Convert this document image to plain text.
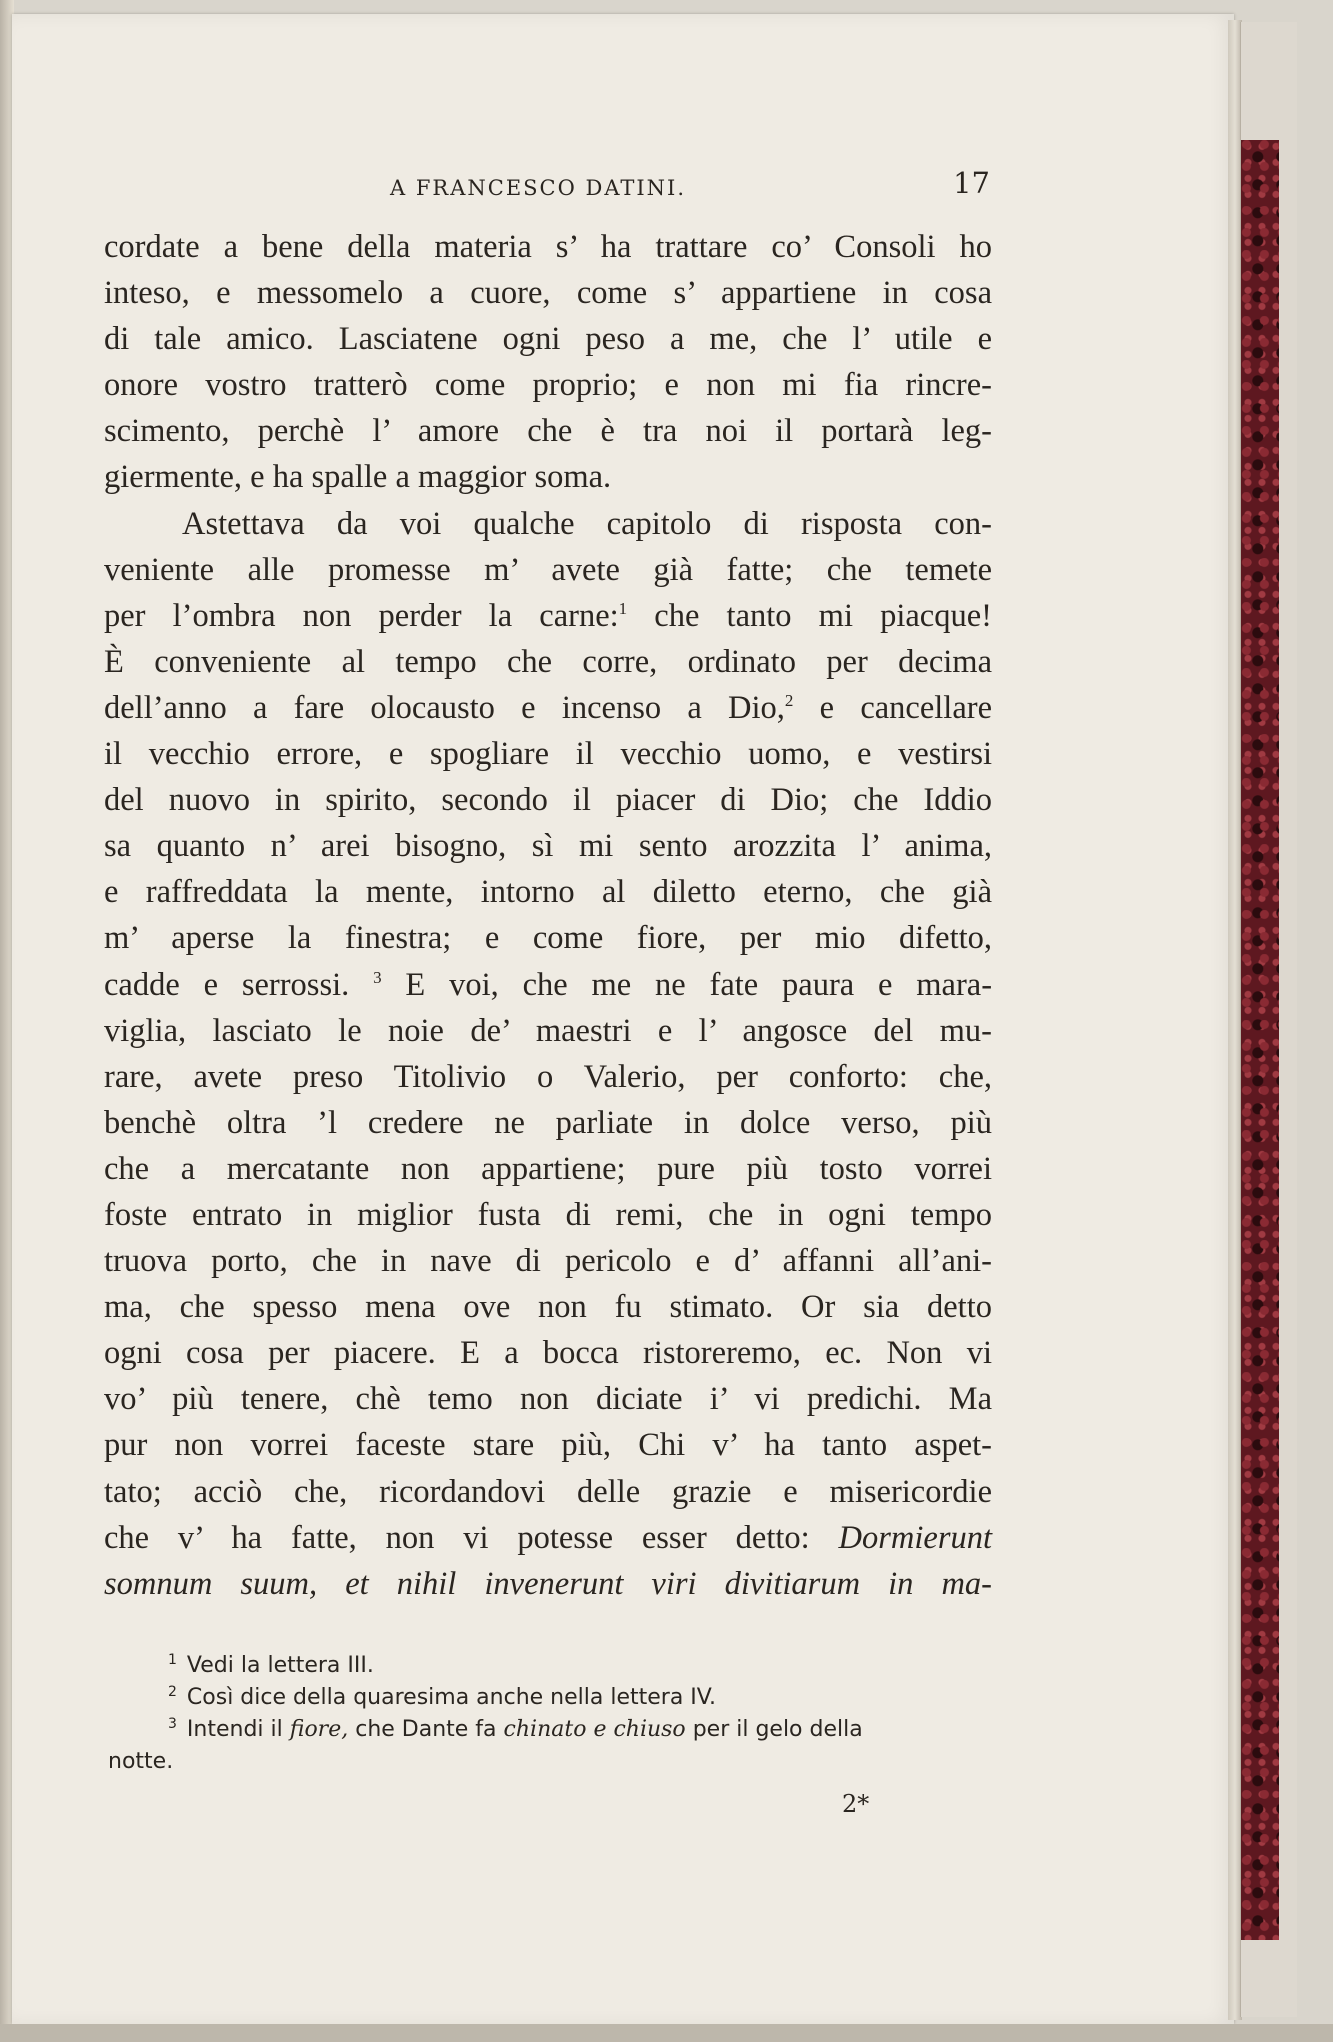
A FRANCESCO DATINI.	17
cordate a bene della materia s’ ha trattare co’ Consoli ho
inteso, e messomelo a cuore, come s’ appartiene in cosa
di tale amico. Lasciatene ogni peso a me, che l’ utile e
onore vostro tratterò come proprio; e non mi fia rincre-
scimento, perchè l’ amore che è tra noi il portarà leg-
giermente, e ha spalle a maggior soma.
Astettava da voi qualche capitolo di risposta con-
veniente alle promesse m’ avete già fatte; che temete
per l’ombra non perder la carne:$^1$ che tanto mi piacque!
È conveniente al tempo che corre, ordinato per decima
dell’anno a fare olocausto e incenso a Dio,$^2$ e cancellare
il vecchio errore, e spogliare il vecchio uomo, e vestirsi
del nuovo in spirito, secondo il piacer di Dio; che Iddio
sa quanto n’ arei bisogno, sì mi sento arozzita l’ anima,
e raffreddata la mente, intorno al diletto eterno, che già
m’ aperse la finestra; e come fiore, per mio difetto,
cadde e serrossi. $^3$ E voi, che me ne fate paura e mara-
viglia, lasciato le noie de’ maestri e l’ angosce del mu-
rare, avete preso Titolivio o Valerio, per conforto: che,
benchè oltra ’l credere ne parliate in dolce verso, più
che a mercatante non appartiene; pure più tosto vorrei
foste entrato in miglior fusta di remi, che in ogni tempo
truova porto, che in nave di pericolo e d’ affanni all’ani-
ma, che spesso mena ove non fu stimato. Or sia detto
ogni cosa per piacere. E a bocca ristoreremo, ec. Non vi
vo’ più tenere, chè temo non diciate i’ vi predichi. Ma
pur non vorrei faceste stare più, Chi v’ ha tanto aspet-
tato; acciò che, ricordandovi delle grazie e misericordie
che v’ ha fatte, non vi potesse esser detto: Dormierunt
somnum suum, et nihil invenerunt viri divitiarum in ma-
$^1$ Vedi la lettera III.
$^2$ Così dice della quaresima anche nella lettera IV.
$^3$ Intendi il fiore, che Dante fa chinato e chiuso per il gelo della
notte.
2*
